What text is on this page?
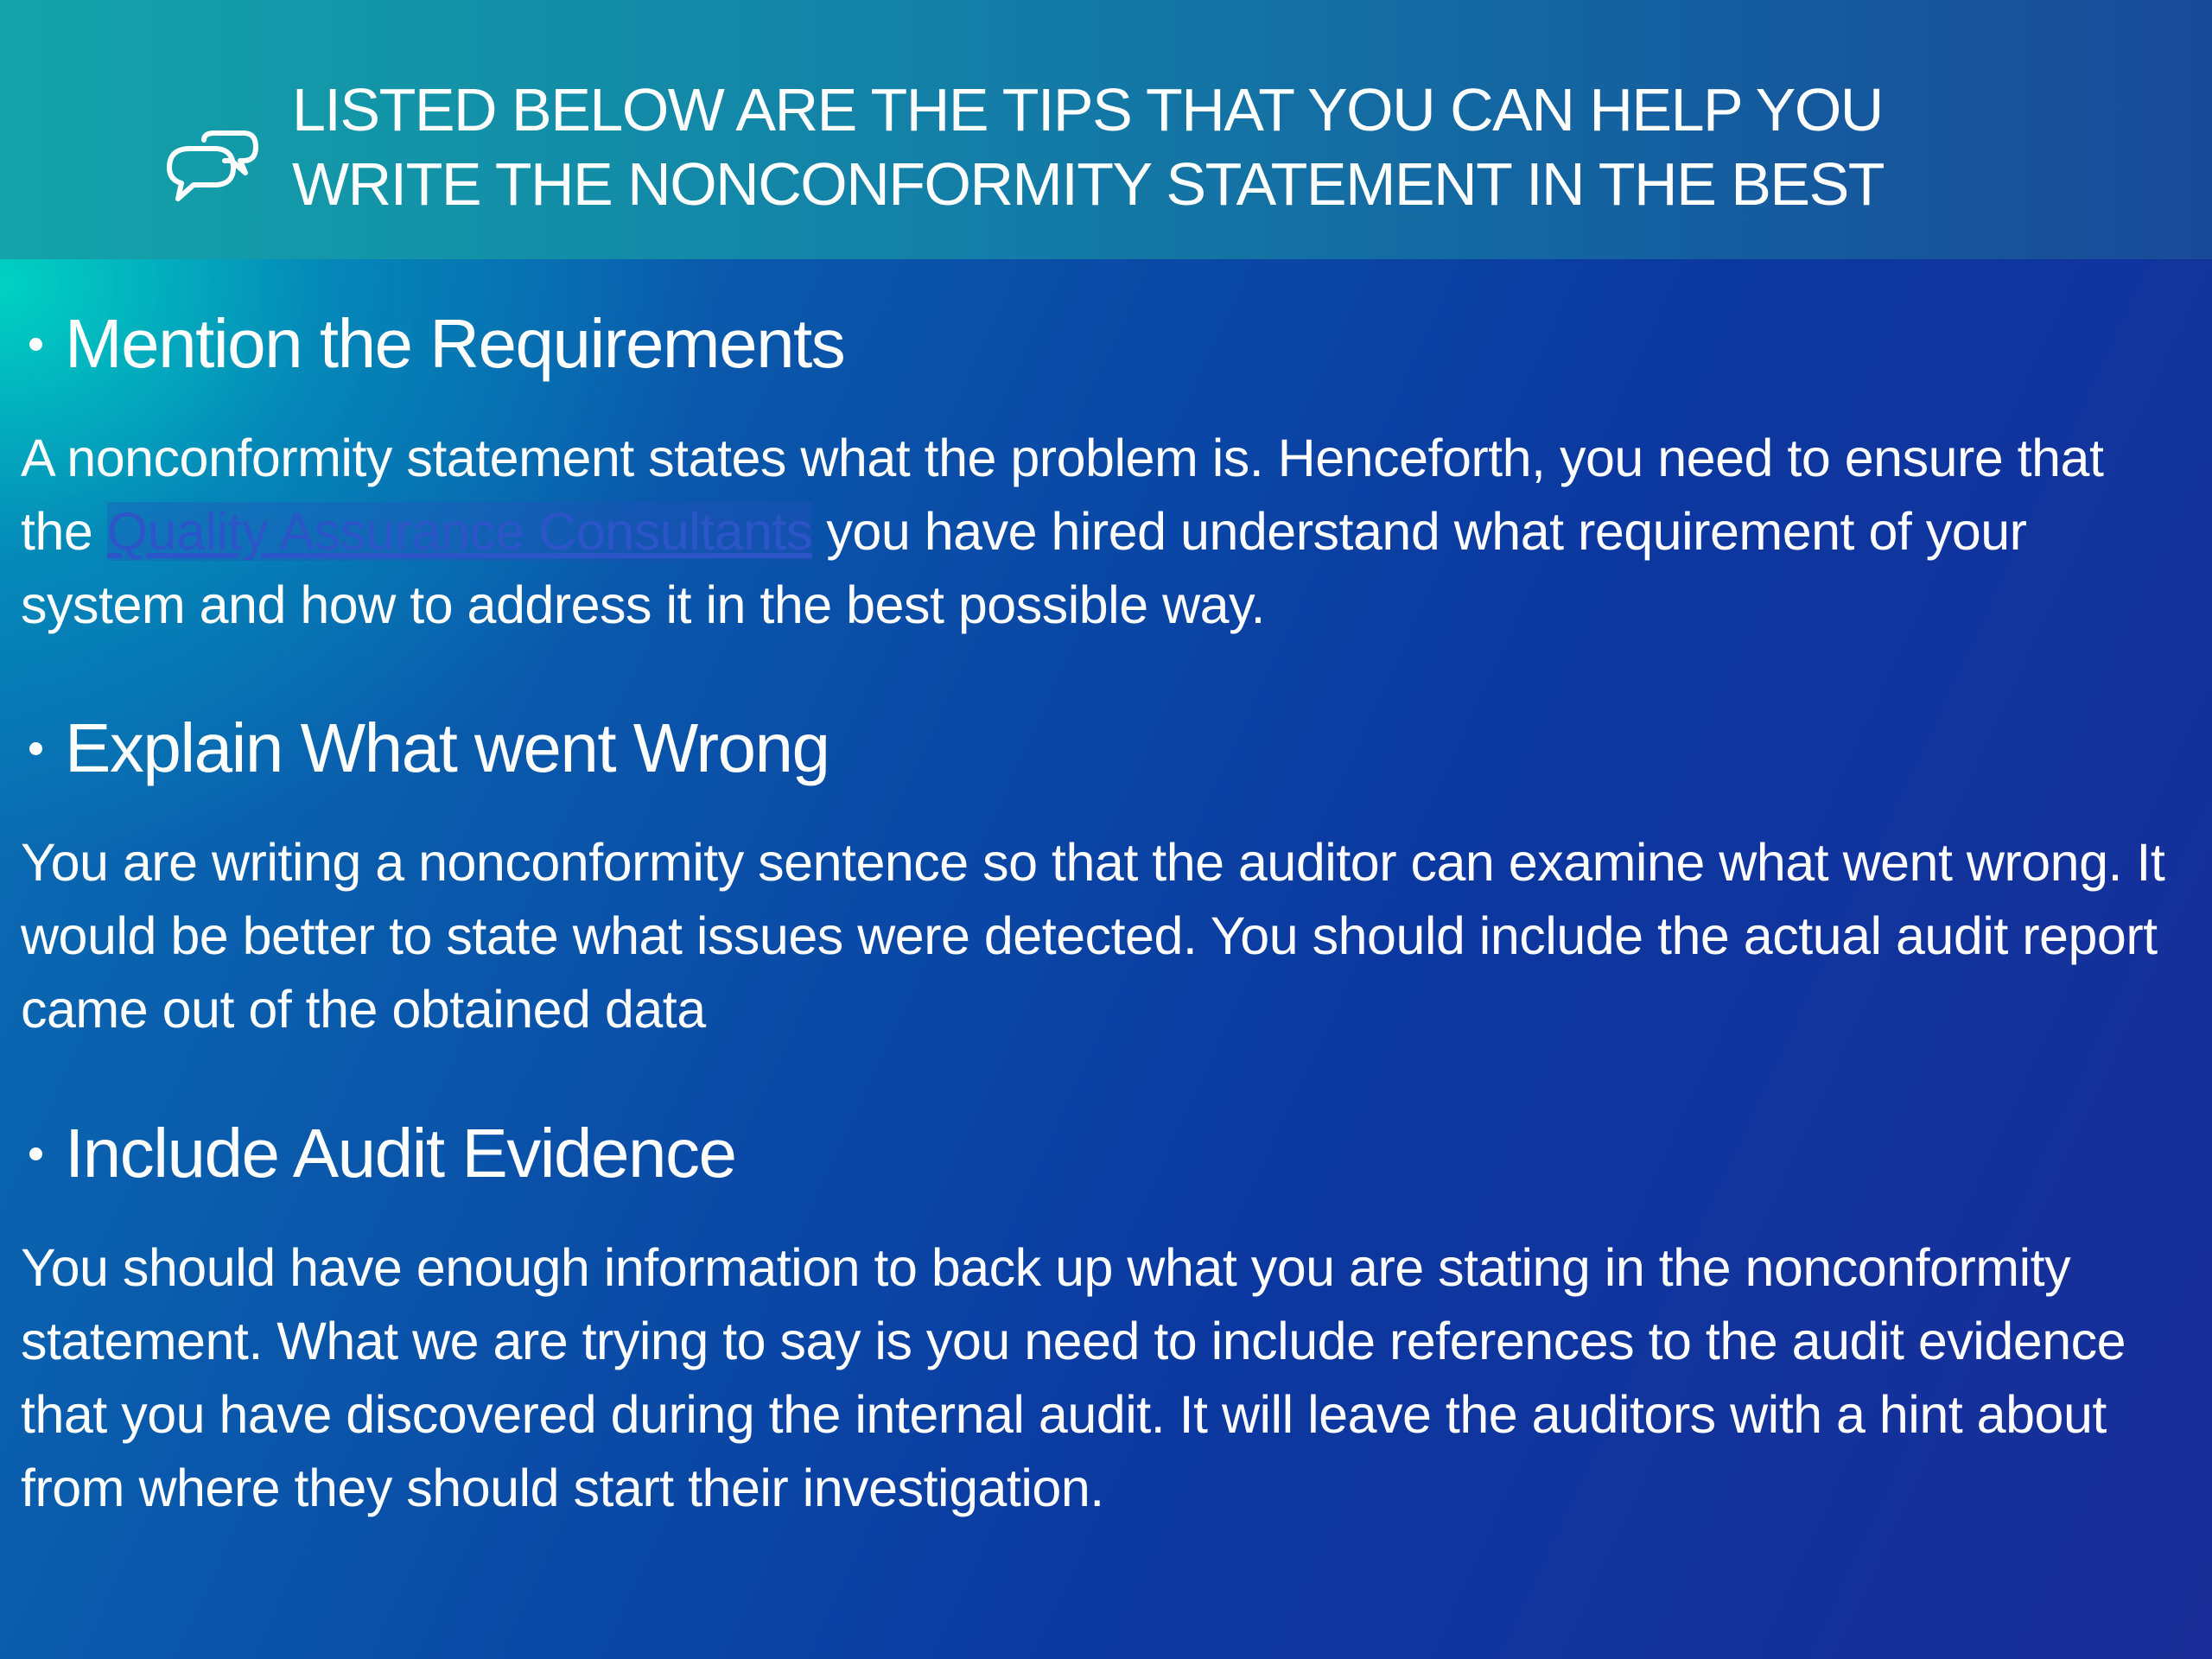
LISTED BELOW ARE THE TIPS THAT YOU CAN HELP YOU WRITE THE NONCONFORMITY STATEMENT IN THE BEST
Mention the Requirements

A nonconformity statement states what the problem is. Henceforth, you need to ensure that the Quality Assurance Consultants you have hired understand what requirement of your system and how to address it in the best possible way.

Explain What went Wrong

You are writing a nonconformity sentence so that the auditor can examine what went wrong. It would be better to state what issues were detected. You should include the actual audit report came out of the obtained data

Include Audit Evidence

You should have enough information to back up what you are stating in the nonconformity statement. What we are trying to say is you need to include references to the audit evidence that you have discovered during the internal audit. It will leave the auditors with a hint about from where they should start their investigation.
